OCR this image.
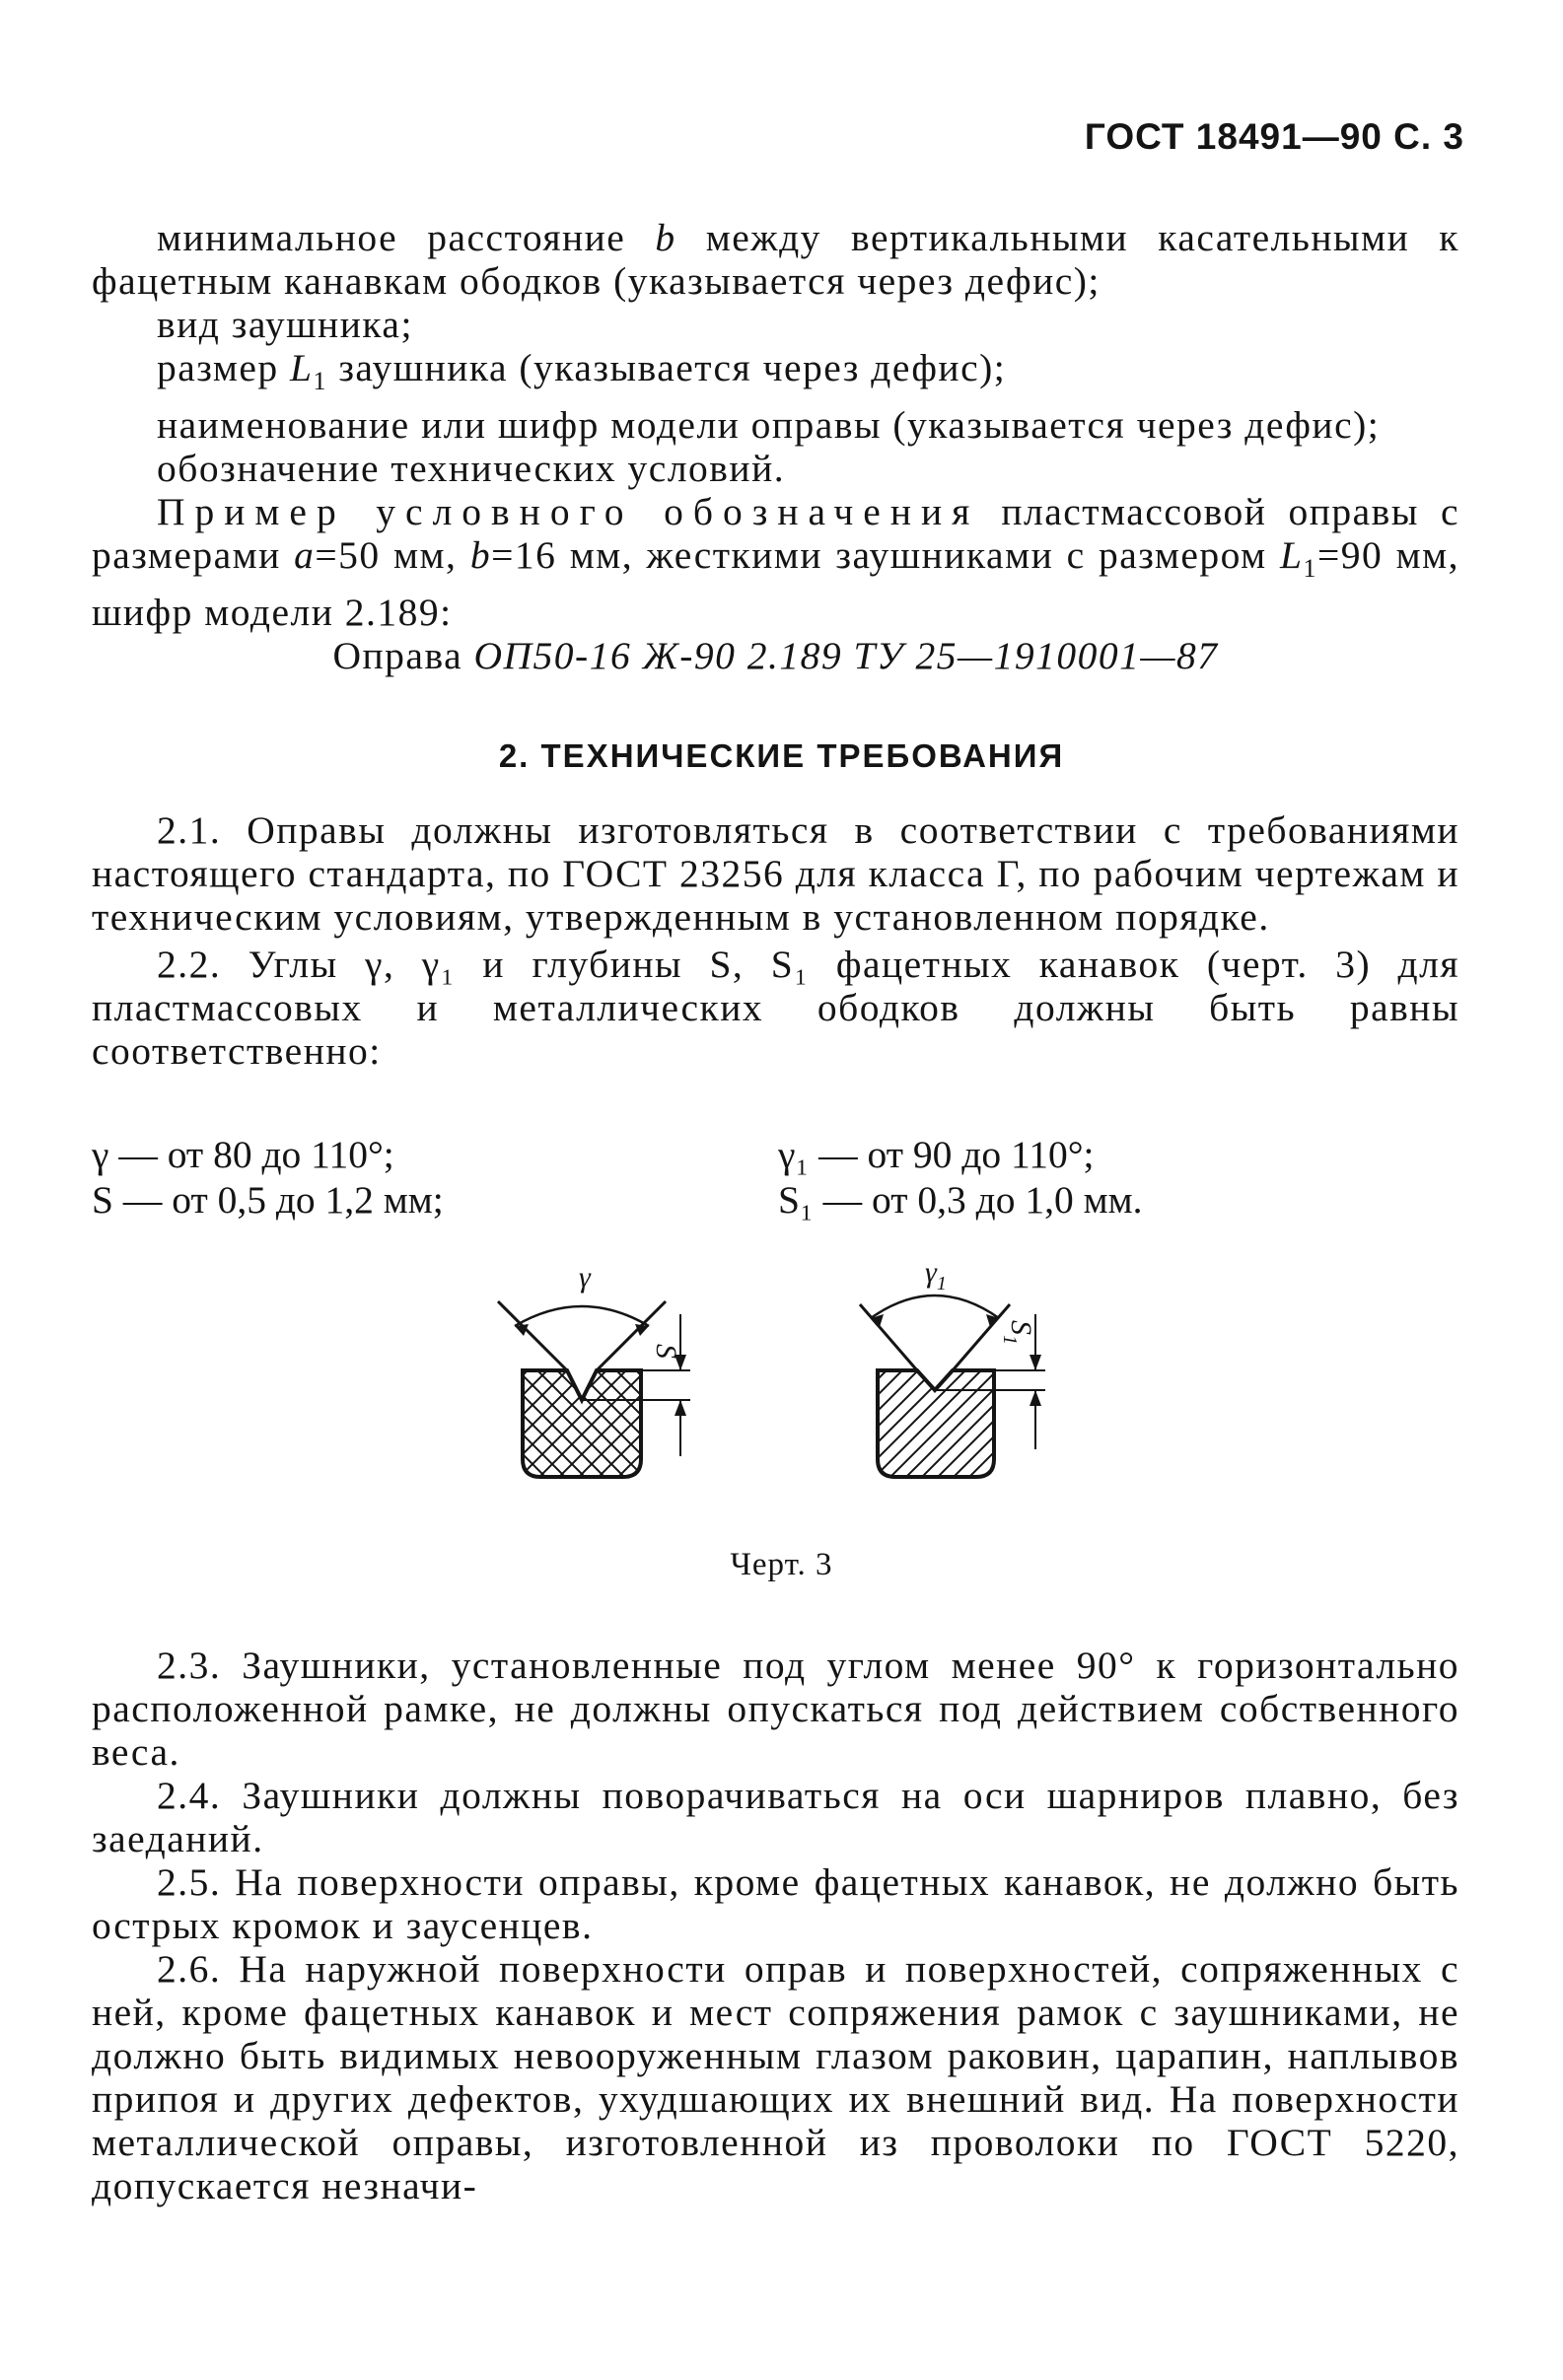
ГОСТ 18491—90 С. 3

минимальное расстояние b между вертикальными касательными к фацетным канавкам ободков (указывается через дефис);

вид заушника;

размер $L_1$ заушника (указывается через дефис);

наименование или шифр модели оправы (указывается через дефис);

обозначение технических условий.

Пример условного обозначения пластмассовой оправы с размерами a=50 мм, b=16 мм, жесткими заушниками с размером $L_1=90$ мм, шифр модели 2.189:

Оправа ОП50-16 Ж-90 2.189 ТУ 25—1910001—87

2. ТЕХНИЧЕСКИЕ ТРЕБОВАНИЯ

2.1. Оправы должны изготовляться в соответствии с требованиями настоящего стандарта, по ГОСТ 23256 для класса Г, по рабочим чертежам и техническим условиям, утвержденным в установленном порядке.

2.2. Углы γ, γ₁ и глубины S, S₁ фацетных канавок (черт. 3) для пластмассовых и металлических ободков должны быть равны соответственно:

γ — от 80 до 110°;	γ₁ — от 90 до 110°;
S — от 0,5 до 1,2 мм;	S₁ — от 0,3 до 1,0 мм.
γ
S
$\gamma_1$
$S_1$
Черт. 3

2.3. Заушники, установленные под углом менее 90° к горизонтально расположенной рамке, не должны опускаться под действием собственного веса.

2.4. Заушники должны поворачиваться на оси шарниров плавно, без заеданий.

2.5. На поверхности оправы, кроме фацетных канавок, не должно быть острых кромок и заусенцев.

2.6. На наружной поверхности оправ и поверхностей, сопряженных с ней, кроме фацетных канавок и мест сопряжения рамок с заушниками, не должно быть видимых невооруженным глазом раковин, царапин, наплывов припоя и других дефектов, ухудшающих их внешний вид. На поверхности металлической оправы, изготовленной из проволоки по ГОСТ 5220, допускается незначи-
